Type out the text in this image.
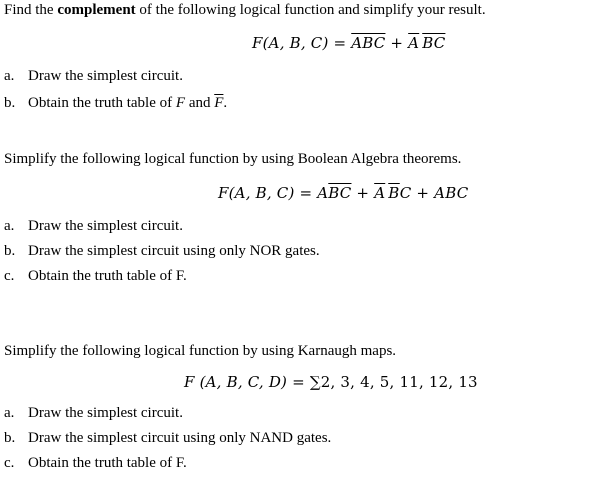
Find the complement of the following logical function and simplify your result.
F(A, B, $C) = \overline{ABC} + \overline{A}$ $\overline{BC}$
a. Draw the simplest circuit.
b. Obtain the truth table of F and $\overline{F}$.
Simplify the following logical function by using Boolean Algebra theorems.
F(A, B, $C) = A\overline{BC} + \overline{A}$ $\overline{B}C$ + ABC
a. Draw the simplest circuit.
b. Draw the simplest circuit using only NOR gates.
c. Obtain the truth table of F.
Simplify the following logical function by using Karnaugh maps.
F (A, B, C, D) = ∑2, 3, 4, 5, 11, 12, 13
a. Draw the simplest circuit.
b. Draw the simplest circuit using only NAND gates.
c. Obtain the truth table of F.
